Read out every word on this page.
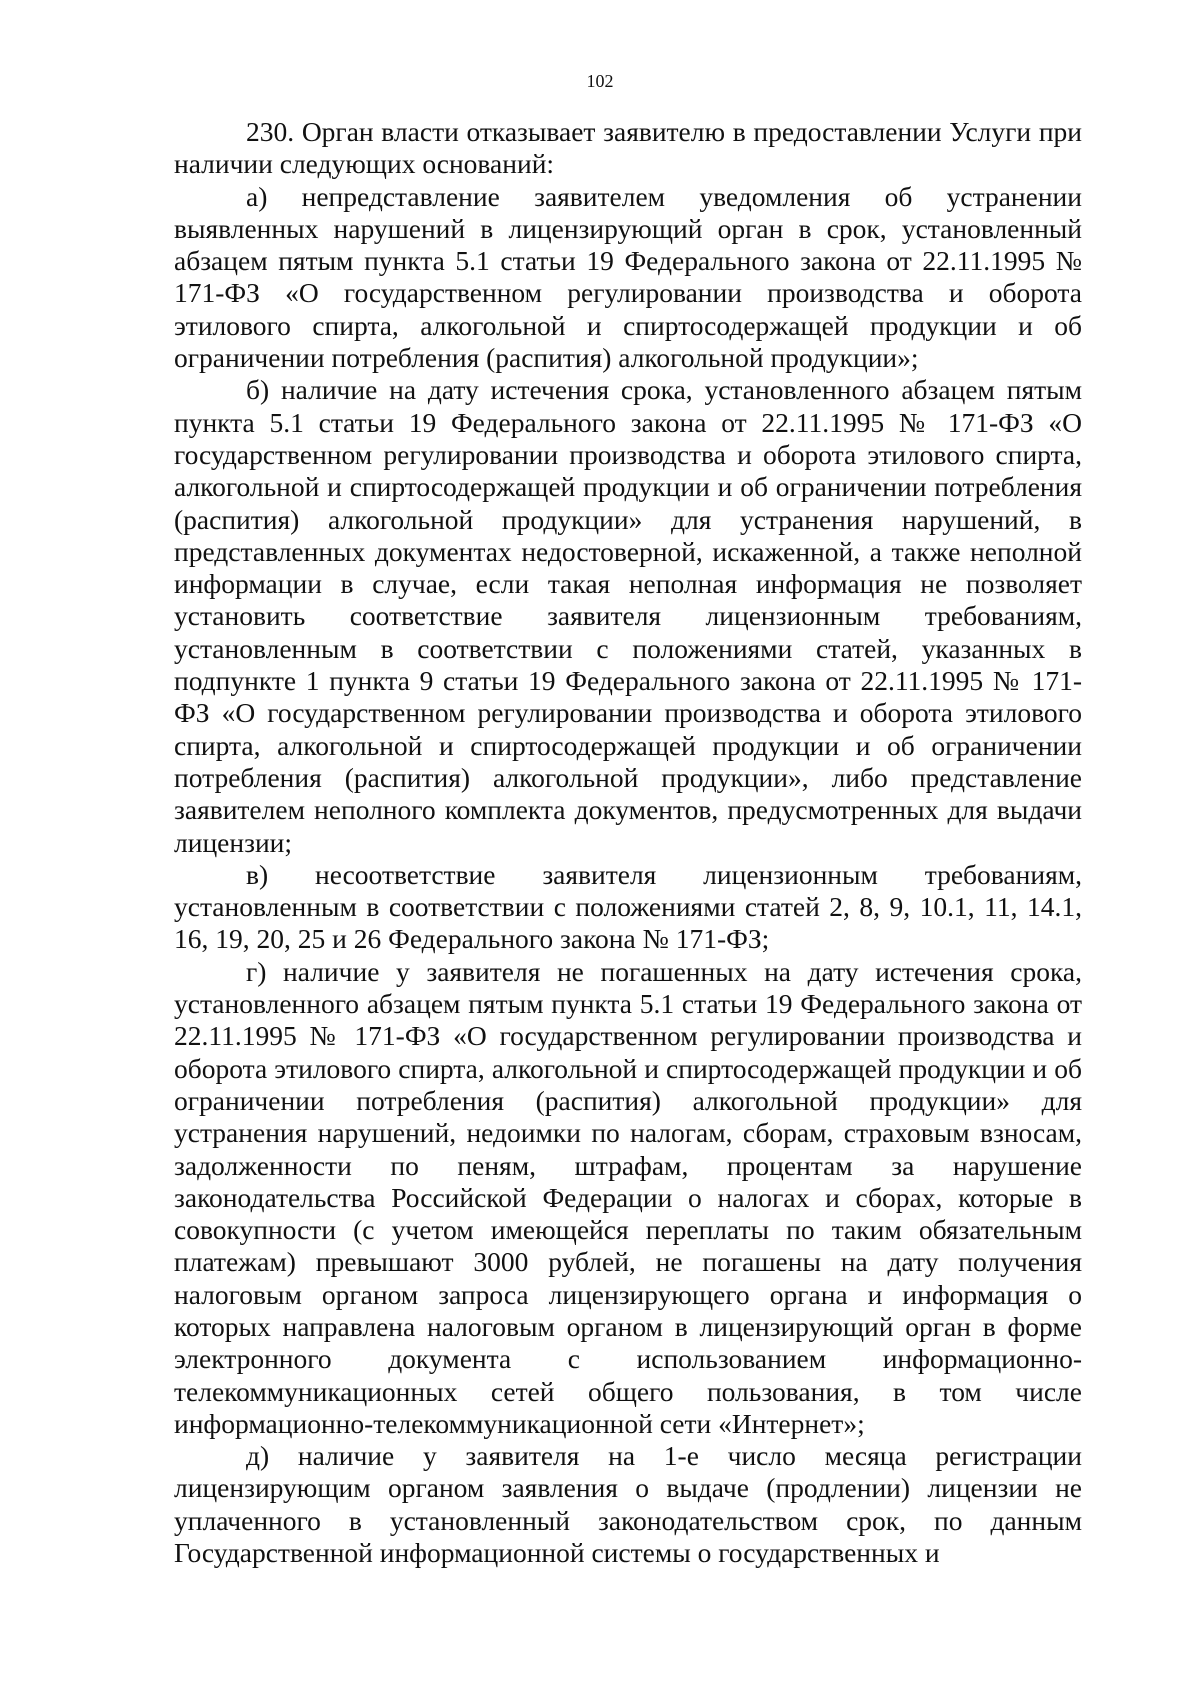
102

230. Орган власти отказывает заявителю в предоставлении Услуги при наличии следующих оснований:

а) непредставление заявителем уведомления об устранении выявленных нарушений в лицензирующий орган в срок, установленный абзацем пятым пункта 5.1 статьи 19 Федерального закона от 22.11.1995 № 171-ФЗ «О государственном регулировании производства и оборота этилового спирта, алкогольной и спиртосодержащей продукции и об ограничении потребления (распития) алкогольной продукции»;

б) наличие на дату истечения срока, установленного абзацем пятым пункта 5.1 статьи 19 Федерального закона от 22.11.1995 № 171-ФЗ «О государственном регулировании производства и оборота этилового спирта, алкогольной и спиртосодержащей продукции и об ограничении потребления (распития) алкогольной продукции» для устранения нарушений, в представленных документах недостоверной, искаженной, а также неполной информации в случае, если такая неполная информация не позволяет установить соответствие заявителя лицензионным требованиям, установленным в соответствии с положениями статей, указанных в подпункте 1 пункта 9 статьи 19 Федерального закона от 22.11.1995 № 171-ФЗ «О государственном регулировании производства и оборота этилового спирта, алкогольной и спиртосодержащей продукции и об ограничении потребления (распития) алкогольной продукции», либо представление заявителем неполного комплекта документов, предусмотренных для выдачи лицензии;

в) несоответствие заявителя лицензионным требованиям, установленным в соответствии с положениями статей 2, 8, 9, 10.1, 11, 14.1, 16, 19, 20, 25 и 26 Федерального закона № 171-ФЗ;

г) наличие у заявителя не погашенных на дату истечения срока, установленного абзацем пятым пункта 5.1 статьи 19 Федерального закона от 22.11.1995 № 171-ФЗ «О государственном регулировании производства и оборота этилового спирта, алкогольной и спиртосодержащей продукции и об ограничении потребления (распития) алкогольной продукции» для устранения нарушений, недоимки по налогам, сборам, страховым взносам, задолженности по пеням, штрафам, процентам за нарушение законодательства Российской Федерации о налогах и сборах, которые в совокупности (с учетом имеющейся переплаты по таким обязательным платежам) превышают 3000 рублей, не погашены на дату получения налоговым органом запроса лицензирующего органа и информация о которых направлена налоговым органом в лицензирующий орган в форме электронного документа с использованием информационно-телекоммуникационных сетей общего пользования, в том числе информационно-телекоммуникационной сети «Интернет»;

д) наличие у заявителя на 1-е число месяца регистрации лицензирующим органом заявления о выдаче (продлении) лицензии не уплаченного в установленный законодательством срок, по данным Государственной информационной системы о государственных и
